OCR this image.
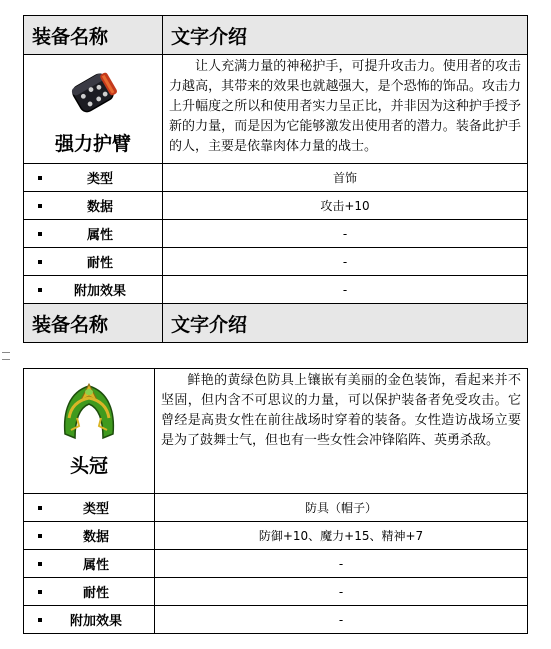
装备名称	文字介绍

强力护臂	让人充满力量的神秘护手，可提升攻击力。使用者的攻击力越高，其带来的效果也就越强大，是个恐怖的饰品。攻击力上升幅度之所以和使用者实力呈正比，并非因为这种护手授予新的力量，而是因为它能够激发出使用者的潜力。装备此护手的人，主要是依靠肉体力量的战士。

类型	首饰

数据	攻击+10

属性	-

耐性	-

附加效果	-
装备名称	文字介绍
头冠	鲜艳的黄绿色防具上镶嵌有美丽的金色装饰，看起来并不坚固，但内含不可思议的力量，可以保护装备者免受攻击。它曾经是高贵女性在前往战场时穿着的装备。女性造访战场立要是为了鼓舞士气，但也有一些女性会冲锋陷阵、英勇杀敌。

类型	防具（帽子）

数据	防御+10、魔力+15、精神+7

属性	-

耐性	-

附加效果	-
